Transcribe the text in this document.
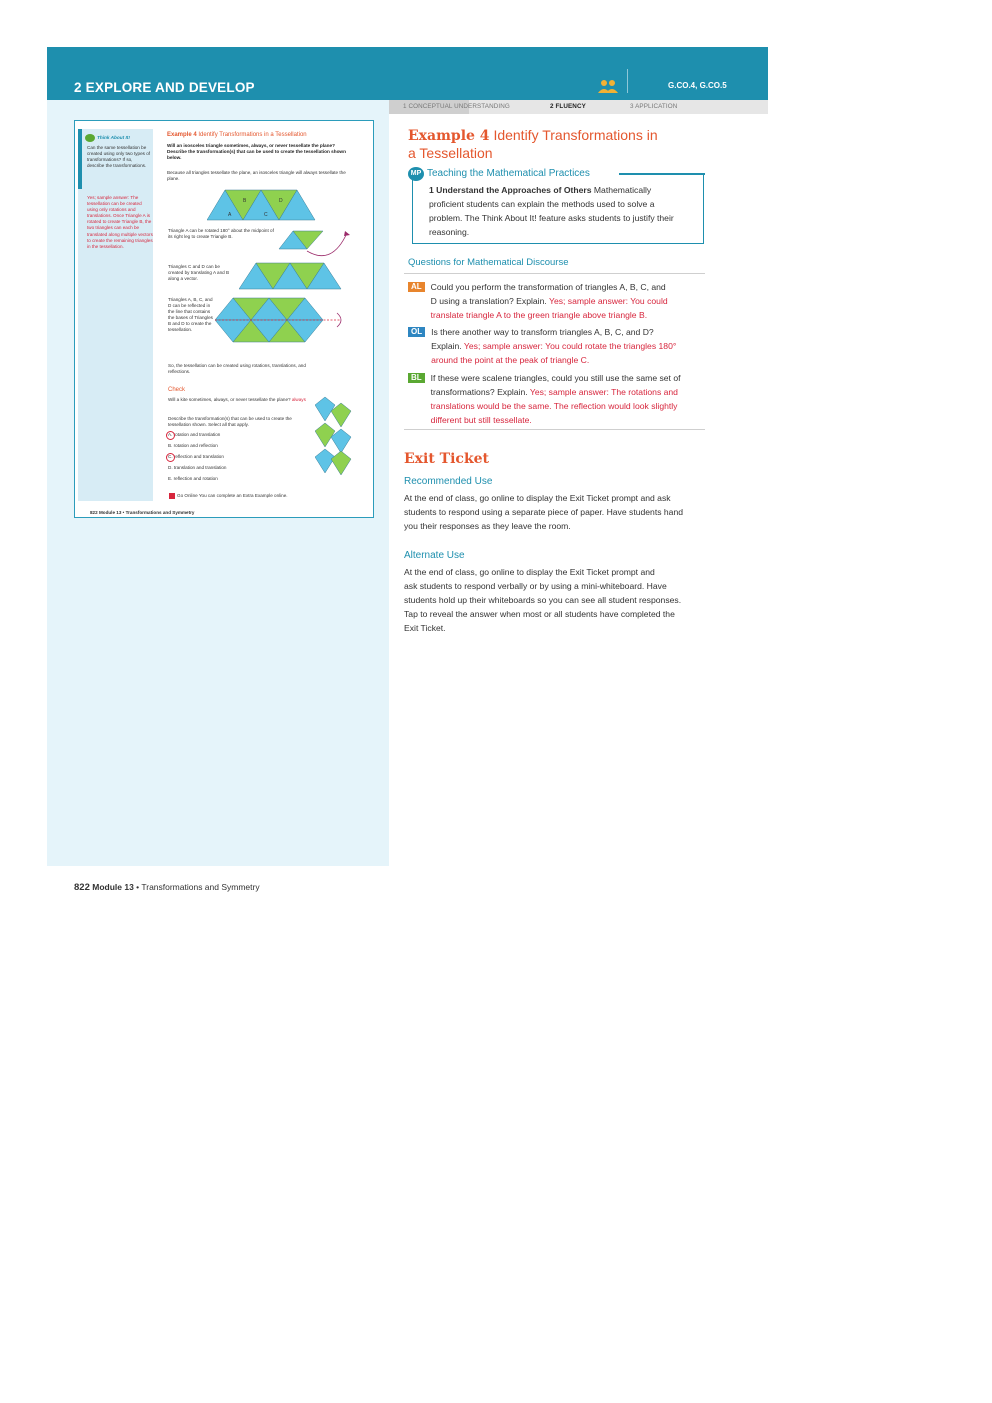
2 EXPLORE AND DEVELOP	G.CO.4, G.CO.5
1 CONCEPTUAL UNDERSTANDING	2 FLUENCY	3 APPLICATION
Think About It!
Can the same tessellation be created using only two types of transformations? If so, describe the transformations.
Yes; sample answer: The tessellation can be created using only rotations and translations. Once Triangle A is rotated to create Triangle B, the two triangles can each be translated along multiple vectors to create the remaining triangles in the tessellation.
Example 4 Identify Transformations in a Tessellation
Will an isosceles triangle sometimes, always, or never tessellate the plane? Describe the transformation(s) that can be used to create the tessellation shown below.
Because all triangles tessellate the plane, an isosceles triangle will always tessellate the plane.
A
B
C
D
Triangle A can be rotated 180° about the midpoint of its right leg to create Triangle B.
Triangles C and D can be created by translating A and B along a vector.
Triangles A, B, C, and D can be reflected in the line that contains the bases of Triangles B and D to create the tessellation.
So, the tessellation can be created using rotations, translations, and reflections.
Check
Will a kite sometimes, always, or never tessellate the plane? always
Describe the transformation(s) that can be used to create the tessellation shown. Select all that apply.
A. rotation and translation
B. rotation and reflection
C. reflection and translation
D. translation and translation
E. reflection and rotation
Go Online You can complete an Extra Example online.
822 Module 13 • Transformations and Symmetry
Example 4 Identify Transformations in
a Tessellation
MP Teaching the Mathematical Practices
1 Understand the Approaches of Others Mathematically
proficient students can explain the methods used to solve a
problem. The Think About It! feature asks students to justify their
reasoning.
Questions for Mathematical Discourse
AL	Could you perform the transformation of triangles A, B, C, and
D using a translation? Explain. Yes; sample answer: You could
translate triangle A to the green triangle above triangle B.
OL	Is there another way to transform triangles A, B, C, and D?
Explain. Yes; sample answer: You could rotate the triangles 180°
around the point at the peak of triangle C.
BL	If these were scalene triangles, could you still use the same set of
transformations? Explain. Yes; sample answer: The rotations and
translations would be the same. The reflection would look slightly
different but still tessellate.
Exit Ticket
Recommended Use
At the end of class, go online to display the Exit Ticket prompt and ask
students to respond using a separate piece of paper. Have students hand
you their responses as they leave the room.
Alternate Use
At the end of class, go online to display the Exit Ticket prompt and
ask students to respond verbally or by using a mini-whiteboard. Have
students hold up their whiteboards so you can see all student responses.
Tap to reveal the answer when most or all students have completed the
Exit Ticket.
822 Module 13 • Transformations and Symmetry
